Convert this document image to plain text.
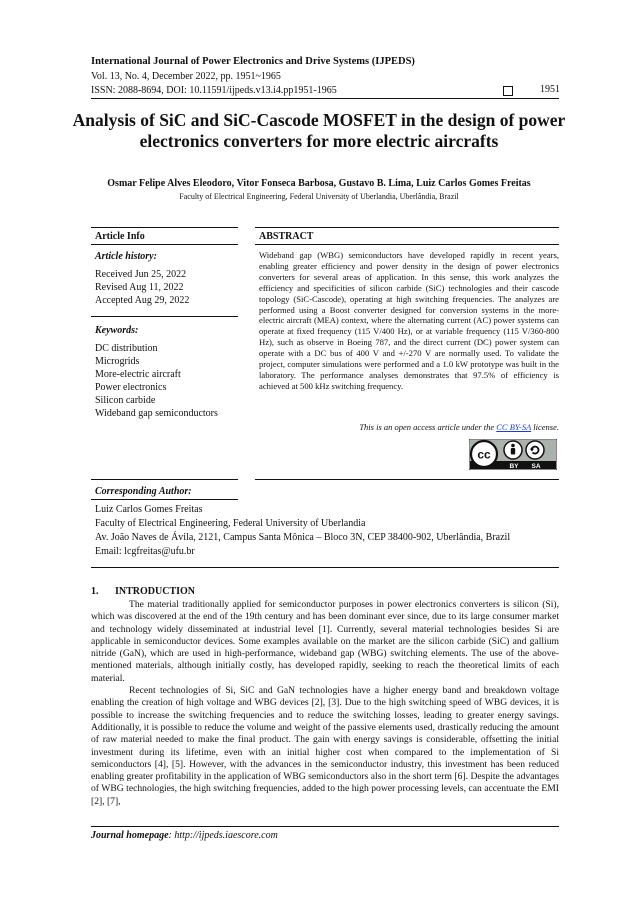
International Journal of Power Electronics and Drive Systems (IJPEDS)
Vol. 13, No. 4, December 2022, pp. 1951~1965
ISSN: 2088-8694, DOI: 10.11591/ijpeds.v13.i4.pp1951-1965	1951
Analysis of SiC and SiC-Cascode MOSFET in the design of power electronics converters for more electric aircrafts
Osmar Felipe Alves Eleodoro, Vitor Fonseca Barbosa, Gustavo B. Lima, Luiz Carlos Gomes Freitas
Faculty of Electrical Engineering, Federal University of Uberlandia, Uberlândia, Brazil
Article Info	ABSTRACT
Article history:
Received Jun 25, 2022
Revised Aug 11, 2022
Accepted Aug 29, 2022
Keywords:
DC distribution
Microgrids
More-electric aircraft
Power electronics
Silicon carbide
Wideband gap semiconductors
Wideband gap (WBG) semiconductors have developed rapidly in recent years, enabling greater efficiency and power density in the design of power electronics converters for several areas of application. In this sense, this work analyzes the efficiency and specificities of silicon carbide (SiC) technologies and their cascode topology (SiC-Cascode), operating at high switching frequencies. The analyzes are performed using a Boost converter designed for conversion systems in the more-electric aircraft (MEA) context, where the alternating current (AC) power systems can operate at fixed frequency (115 V/400 Hz), or at variable frequency (115 V/360-800 Hz), such as observe in Boeing 787, and the direct current (DC) power system can operate with a DC bus of 400 V and +/-270 V are normally used. To validate the project, computer simulations were performed and a 1.0 kW prototype was built in the laboratory. The performance analyses demonstrates that 97.5% of efficiency is achieved at 500 kHz switching frequency.
This is an open access article under the CC BY-SA license.
cc
BY SA
Corresponding Author:
Luiz Carlos Gomes Freitas
Faculty of Electrical Engineering, Federal University of Uberlandia
Av. João Naves de Ávila, 2121, Campus Santa Mônica – Bloco 3N, CEP 38400-902, Uberlândia, Brazil
Email: lcgfreitas@ufu.br
1. INTRODUCTION

The material traditionally applied for semiconductor purposes in power electronics converters is silicon (Si), which was discovered at the end of the 19th century and has been dominant ever since, due to its large consumer market and technology widely disseminated at industrial level [1]. Currently, several material technologies besides Si are applicable in semiconductor devices. Some examples available on the market are the silicon carbide (SiC) and gallium nitride (GaN), which are used in high-performance, wideband gap (WBG) switching elements. The use of the above-mentioned materials, although initially costly, has developed rapidly, seeking to reach the theoretical limits of each material.

Recent technologies of Si, SiC and GaN technologies have a higher energy band and breakdown voltage enabling the creation of high voltage and WBG devices [2], [3]. Due to the high switching speed of WBG devices, it is possible to increase the switching frequencies and to reduce the switching losses, leading to greater energy savings. Additionally, it is possible to reduce the volume and weight of the passive elements used, drastically reducing the amount of raw material needed to make the final product. The gain with energy savings is considerable, offsetting the initial investment during its lifetime, even with an initial higher cost when compared to the implementation of Si semiconductors [4], [5]. However, with the advances in the semiconductor industry, this investment has been reduced enabling greater profitability in the application of WBG semiconductors also in the short term [6]. Despite the advantages of WBG technologies, the high switching frequencies, added to the high power processing levels, can accentuate the EMI [2], [7],

Journal homepage: http://ijpeds.iaescore.com
